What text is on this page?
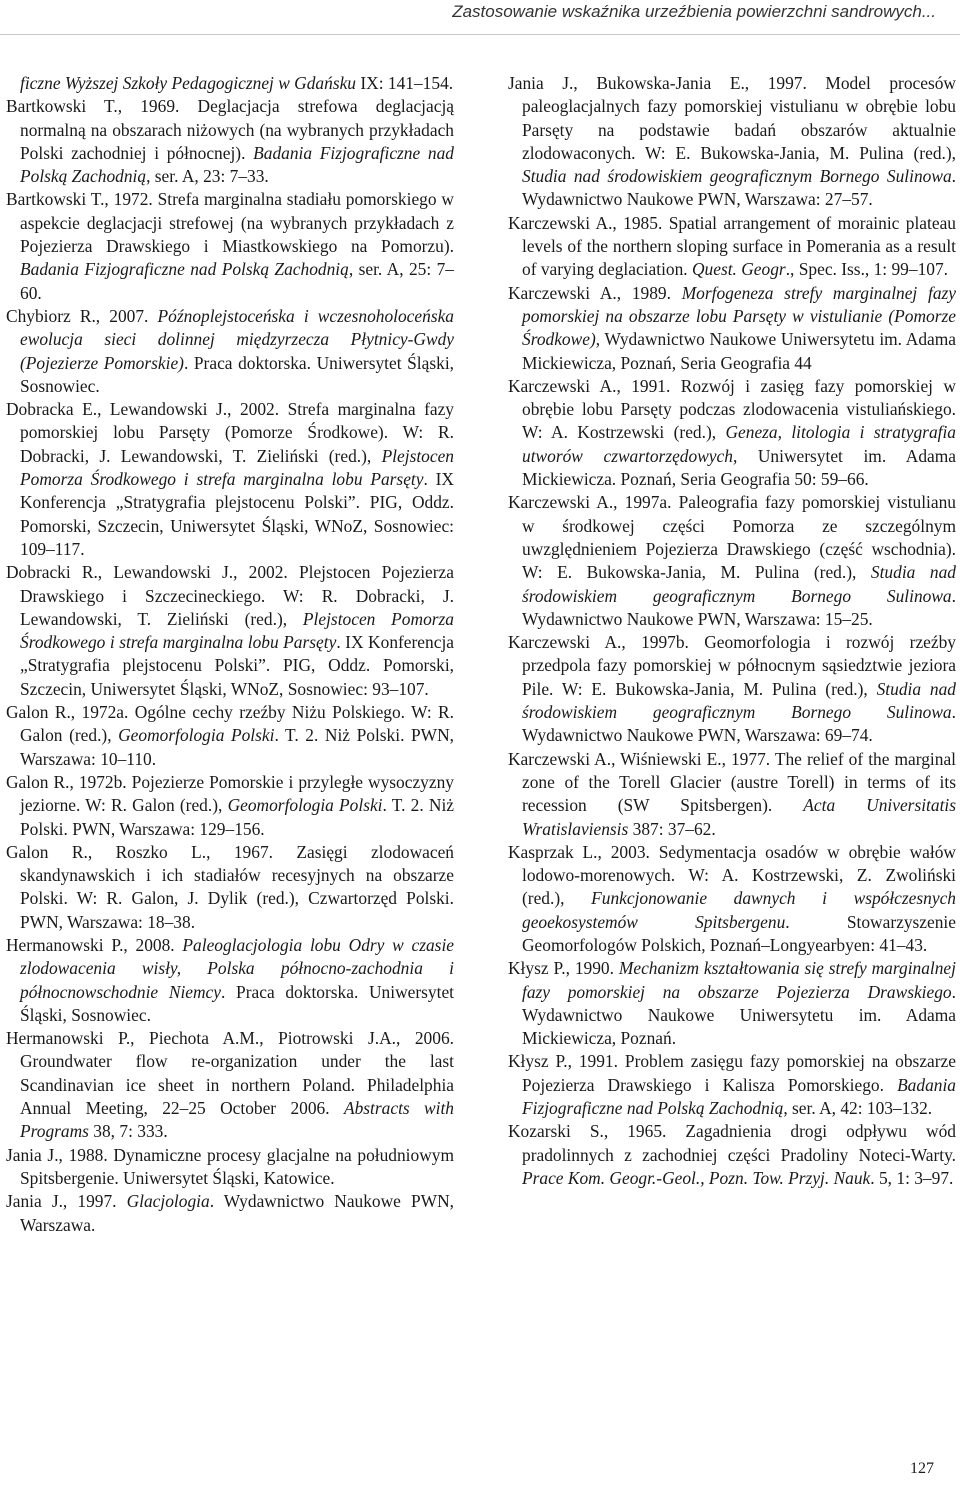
Zastosowanie wskaźnika urzeźbienia powierzchni sandrowych...

ficzne Wyższej Szkoły Pedagogicznej w Gdańsku IX: 141–154.

Bartkowski T., 1969. Deglacjacja strefowa deglacjacją normalną na obszarach niżowych (na wybranych przykładach Polski zachodniej i północnej). Badania Fizjograficzne nad Polską Zachodnią, ser. A, 23: 7–33.

Bartkowski T., 1972. Strefa marginalna stadiału pomorskiego w aspekcie deglacjacji strefowej (na wybranych przykładach z Pojezierza Drawskiego i Miastkowskiego na Pomorzu). Badania Fizjograficzne nad Polską Zachodnią, ser. A, 25: 7–60.

Chybiorz R., 2007. Późnoplejstoceńska i wczesnoholoceńska ewolucja sieci dolinnej międzyrzecza Płytnicy-Gwdy (Pojezierze Pomorskie). Praca doktorska. Uniwersytet Śląski, Sosnowiec.

Dobracka E., Lewandowski J., 2002. Strefa marginalna fazy pomorskiej lobu Parsęty (Pomorze Środkowe). W: R. Dobracki, J. Lewandowski, T. Zieliński (red.), Plejstocen Pomorza Środkowego i strefa marginalna lobu Parsęty. IX Konferencja „Stratygrafia plejstocenu Polski”. PIG, Oddz. Pomorski, Szczecin, Uniwersytet Śląski, WNoZ, Sosnowiec: 109–117.

Dobracki R., Lewandowski J., 2002. Plejstocen Pojezierza Drawskiego i Szczecineckiego. W: R. Dobracki, J. Lewandowski, T. Zieliński (red.), Plejstocen Pomorza Środkowego i strefa marginalna lobu Parsęty. IX Konferencja „Stratygrafia plejstocenu Polski”. PIG, Oddz. Pomorski, Szczecin, Uniwersytet Śląski, WNoZ, Sosnowiec: 93–107.

Galon R., 1972a. Ogólne cechy rzeźby Niżu Polskiego. W: R. Galon (red.), Geomorfologia Polski. T. 2. Niż Polski. PWN, Warszawa: 10–110.

Galon R., 1972b. Pojezierze Pomorskie i przyległe wysoczyzny jeziorne. W: R. Galon (red.), Geomorfologia Polski. T. 2. Niż Polski. PWN, Warszawa: 129–156.

Galon R., Roszko L., 1967. Zasięgi zlodowaceń skandynawskich i ich stadiałów recesyjnych na obszarze Polski. W: R. Galon, J. Dylik (red.), Czwartorzęd Polski. PWN, Warszawa: 18–38.

Hermanowski P., 2008. Paleoglacjologia lobu Odry w czasie zlodowacenia wisły, Polska północno-zachodnia i północnowschodnie Niemcy. Praca doktorska. Uniwersytet Śląski, Sosnowiec.

Hermanowski P., Piechota A.M., Piotrowski J.A., 2006. Groundwater flow re-organization under the last Scandinavian ice sheet in northern Poland. Philadelphia Annual Meeting, 22–25 October 2006. Abstracts with Programs 38, 7: 333.

Jania J., 1988. Dynamiczne procesy glacjalne na południowym Spitsbergenie. Uniwersytet Śląski, Katowice.

Jania J., 1997. Glacjologia. Wydawnictwo Naukowe PWN, Warszawa.

Jania J., Bukowska-Jania E., 1997. Model procesów paleoglacjalnych fazy pomorskiej vistulianu w obrębie lobu Parsęty na podstawie badań obszarów aktualnie zlodowaconych. W: E. Bukowska-Jania, M. Pulina (red.), Studia nad środowiskiem geograficznym Bornego Sulinowa. Wydawnictwo Naukowe PWN, Warszawa: 27–57.

Karczewski A., 1985. Spatial arrangement of morainic plateau levels of the northern sloping surface in Pomerania as a result of varying deglaciation. Quest. Geogr., Spec. Iss., 1: 99–107.

Karczewski A., 1989. Morfogeneza strefy marginalnej fazy pomorskiej na obszarze lobu Parsęty w vistulianie (Pomorze Środkowe), Wydawnictwo Naukowe Uniwersytetu im. Adama Mickiewicza, Poznań, Seria Geografia 44

Karczewski A., 1991. Rozwój i zasięg fazy pomorskiej w obrębie lobu Parsęty podczas zlodowacenia vistuliańskiego. W: A. Kostrzewski (red.), Geneza, litologia i stratygrafia utworów czwartorzędowych, Uniwersytet im. Adama Mickiewicza. Poznań, Seria Geografia 50: 59–66.

Karczewski A., 1997a. Paleografia fazy pomorskiej vistulianu w środkowej części Pomorza ze szczególnym uwzględnieniem Pojezierza Drawskiego (część wschodnia). W: E. Bukowska-Jania, M. Pulina (red.), Studia nad środowiskiem geograficznym Bornego Sulinowa. Wydawnictwo Naukowe PWN, Warszawa: 15–25.

Karczewski A., 1997b. Geomorfologia i rozwój rzeźby przedpola fazy pomorskiej w północnym sąsiedztwie jeziora Pile. W: E. Bukowska-Jania, M. Pulina (red.), Studia nad środowiskiem geograficznym Bornego Sulinowa. Wydawnictwo Naukowe PWN, Warszawa: 69–74.

Karczewski A., Wiśniewski E., 1977. The relief of the marginal zone of the Torell Glacier (austre Torell) in terms of its recession (SW Spitsbergen). Acta Universitatis Wratislaviensis 387: 37–62.

Kasprzak L., 2003. Sedymentacja osadów w obrębie wałów lodowo-morenowych. W: A. Kostrzewski, Z. Zwoliński (red.), Funkcjonowanie dawnych i współczesnych geoekosystemów Spitsbergenu. Stowarzyszenie Geomorfologów Polskich, Poznań–Longyearbyen: 41–43.

Kłysz P., 1990. Mechanizm kształtowania się strefy marginalnej fazy pomorskiej na obszarze Pojezierza Drawskiego. Wydawnictwo Naukowe Uniwersytetu im. Adama Mickiewicza, Poznań.

Kłysz P., 1991. Problem zasięgu fazy pomorskiej na obszarze Pojezierza Drawskiego i Kalisza Pomorskiego. Badania Fizjograficzne nad Polską Zachodnią, ser. A, 42: 103–132.

Kozarski S., 1965. Zagadnienia drogi odpływu wód pradolinnych z zachodniej części Pradoliny Noteci-Warty. Prace Kom. Geogr.-Geol., Pozn. Tow. Przyj. Nauk. 5, 1: 3–97.

127
